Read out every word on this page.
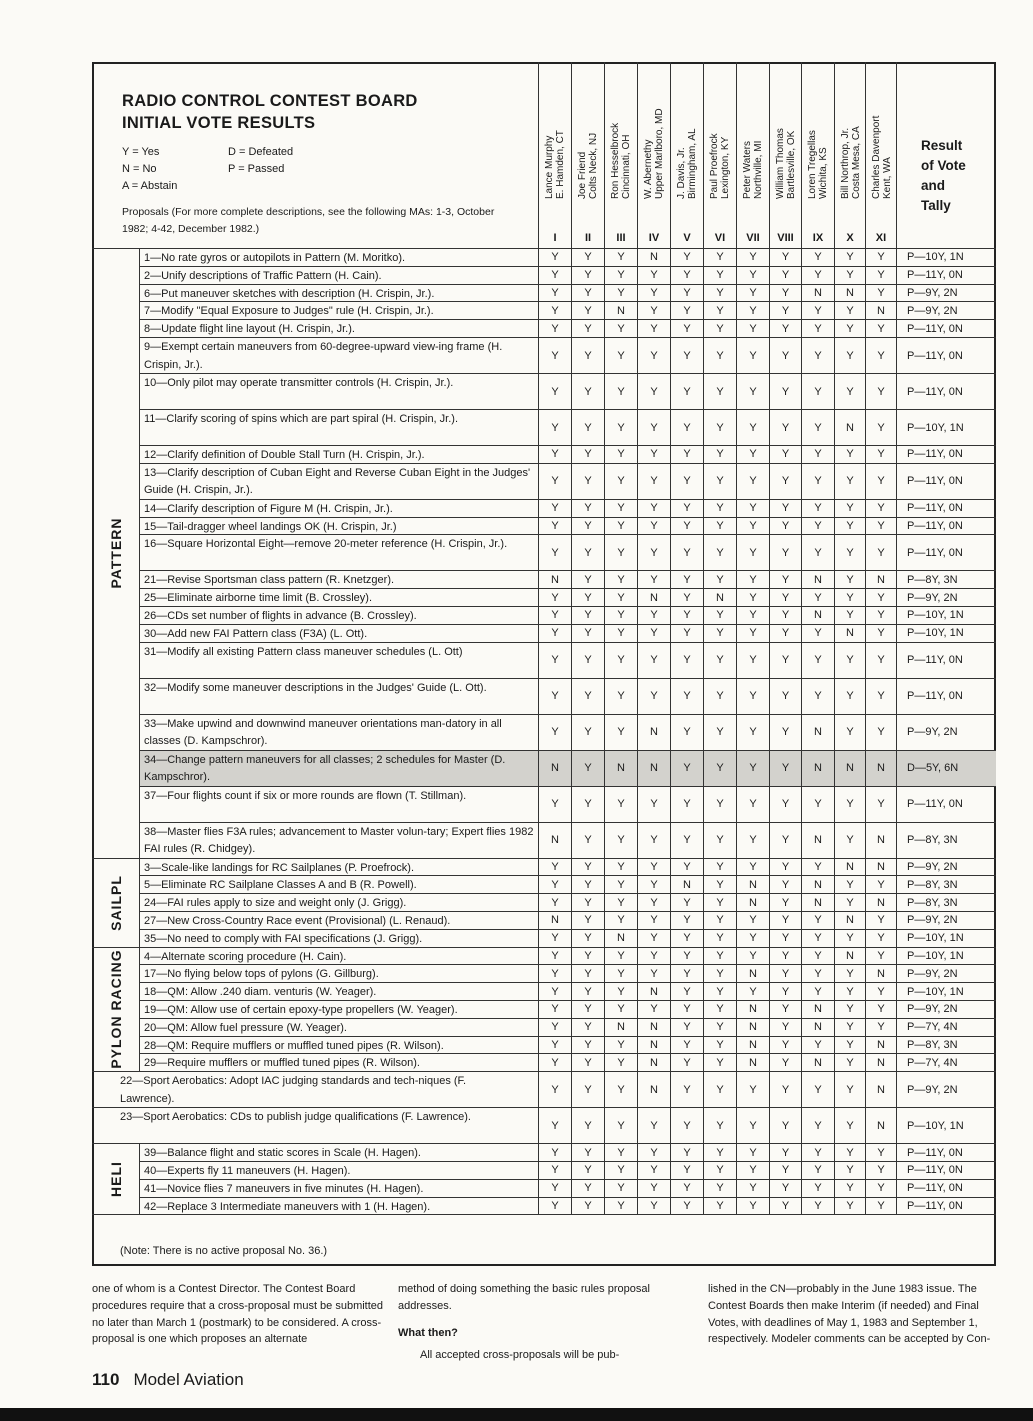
RADIO CONTROL CONTEST BOARD
INITIAL VOTE RESULTS
Y = Yes
N = No
A = Abstain
D = Defeated
P = Passed
Proposals (For more complete descriptions, see the following MAs: 1-3, October 1982; 4-42, December 1982.)
Lance Murphy
E. Hamden, CT
I
Joe Friend
Colts Neck, NJ
II
Ron Hesselbrock
Cincinnati, OH
III
W. Abernethy
Upper Marlboro, MD
IV
J. Davis, Jr.
Birmingham, AL
V
Paul Proefrock
Lexington, KY
VI
Peter Waters
Northville, MI
VII
William Thomas
Bartlesville, OK
VIII
Loren Tregellas
Wichita, KS
IX
Bill Northrop, Jr.
Costa Mesa, CA
X
Charles Davenport
Kent, WA
XI
Result
of Vote
and
Tally
1—No rate gyros or autopilots in Pattern (M. Moritko).	Y	Y	Y	N	Y	Y	Y	Y	Y	Y	Y	P—10Y, 1N
2—Unify descriptions of Traffic Pattern (H. Cain).	Y	Y	Y	Y	Y	Y	Y	Y	Y	Y	Y	P—11Y, 0N
6—Put maneuver sketches with description (H. Crispin, Jr.).	Y	Y	Y	Y	Y	Y	Y	Y	N	N	Y	P—9Y, 2N
7—Modify "Equal Exposure to Judges" rule (H. Crispin, Jr.).	Y	Y	N	Y	Y	Y	Y	Y	Y	Y	N	P—9Y, 2N
8—Update flight line layout (H. Crispin, Jr.).	Y	Y	Y	Y	Y	Y	Y	Y	Y	Y	Y	P—11Y, 0N
9—Exempt certain maneuvers from 60-degree-upward view-ing frame (H. Crispin, Jr.).
Y	Y	Y	Y	Y	Y	Y	Y	Y	Y	Y	P—11Y, 0N
10—Only pilot may operate transmitter controls (H. Crispin, Jr.).
Y	Y	Y	Y	Y	Y	Y	Y	Y	Y	Y	P—11Y, 0N
11—Clarify scoring of spins which are part spiral (H. Crispin, Jr.).
Y	Y	Y	Y	Y	Y	Y	Y	Y	N	Y	P—10Y, 1N
12—Clarify definition of Double Stall Turn (H. Crispin, Jr.).	Y	Y	Y	Y	Y	Y	Y	Y	Y	Y	Y	P—11Y, 0N
13—Clarify description of Cuban Eight and Reverse Cuban Eight in the Judges' Guide (H. Crispin, Jr.).
Y	Y	Y	Y	Y	Y	Y	Y	Y	Y	Y	P—11Y, 0N
14—Clarify description of Figure M (H. Crispin, Jr.).	Y	Y	Y	Y	Y	Y	Y	Y	Y	Y	Y	P—11Y, 0N
15—Tail-dragger wheel landings OK (H. Crispin, Jr.)	Y	Y	Y	Y	Y	Y	Y	Y	Y	Y	Y	P—11Y, 0N
16—Square Horizontal Eight—remove 20-meter reference (H. Crispin, Jr.).
Y	Y	Y	Y	Y	Y	Y	Y	Y	Y	Y	P—11Y, 0N
21—Revise Sportsman class pattern (R. Knetzger).	N	Y	Y	Y	Y	Y	Y	Y	N	Y	N	P—8Y, 3N
25—Eliminate airborne time limit (B. Crossley).	Y	Y	Y	N	Y	N	Y	Y	Y	Y	Y	P—9Y, 2N
26—CDs set number of flights in advance (B. Crossley).	Y	Y	Y	Y	Y	Y	Y	Y	N	Y	Y	P—10Y, 1N
30—Add new FAI Pattern class (F3A) (L. Ott).	Y	Y	Y	Y	Y	Y	Y	Y	Y	N	Y	P—10Y, 1N
31—Modify all existing Pattern class maneuver schedules (L. Ott)
Y	Y	Y	Y	Y	Y	Y	Y	Y	Y	Y	P—11Y, 0N
32—Modify some maneuver descriptions in the Judges' Guide (L. Ott).
Y	Y	Y	Y	Y	Y	Y	Y	Y	Y	Y	P—11Y, 0N
33—Make upwind and downwind maneuver orientations man-datory in all classes (D. Kampschror).
Y	Y	Y	N	Y	Y	Y	Y	N	Y	Y	P—9Y, 2N
34—Change pattern maneuvers for all classes; 2 schedules for Master (D. Kampschror).
N	Y	N	N	Y	Y	Y	Y	N	N	N	D—5Y, 6N
37—Four flights count if six or more rounds are flown (T. Stillman).
Y	Y	Y	Y	Y	Y	Y	Y	Y	Y	Y	P—11Y, 0N
38—Master flies F3A rules; advancement to Master volun-tary; Expert flies 1982 FAI rules (R. Chidgey).
N	Y	Y	Y	Y	Y	Y	Y	N	Y	N	P—8Y, 3N
PATTERN
3—Scale-like landings for RC Sailplanes (P. Proefrock).	Y	Y	Y	Y	Y	Y	Y	Y	Y	N	N	P—9Y, 2N
5—Eliminate RC Sailplane Classes A and B (R. Powell).	Y	Y	Y	Y	N	Y	N	Y	N	Y	Y	P—8Y, 3N
24—FAI rules apply to size and weight only (J. Grigg).	Y	Y	Y	Y	Y	Y	N	Y	N	Y	N	P—8Y, 3N
27—New Cross-Country Race event (Provisional) (L. Renaud).	N	Y	Y	Y	Y	Y	Y	Y	Y	N	Y	P—9Y, 2N
35—No need to comply with FAI specifications (J. Grigg).	Y	Y	N	Y	Y	Y	Y	Y	Y	Y	Y	P—10Y, 1N
SAILPL
4—Alternate scoring procedure (H. Cain).	Y	Y	Y	Y	Y	Y	Y	Y	Y	N	Y	P—10Y, 1N
17—No flying below tops of pylons (G. Gillburg).	Y	Y	Y	Y	Y	Y	N	Y	Y	Y	N	P—9Y, 2N
18—QM: Allow .240 diam. venturis (W. Yeager).	Y	Y	Y	N	Y	Y	Y	Y	Y	Y	Y	P—10Y, 1N
19—QM: Allow use of certain epoxy-type propellers (W. Yeager).	Y	Y	Y	Y	Y	Y	N	Y	N	Y	Y	P—9Y, 2N
20—QM: Allow fuel pressure (W. Yeager).	Y	Y	N	N	Y	Y	N	Y	N	Y	Y	P—7Y, 4N
28—QM: Require mufflers or muffled tuned pipes (R. Wilson).	Y	Y	Y	N	Y	Y	N	Y	Y	Y	N	P—8Y, 3N
29—Require mufflers or muffled tuned pipes (R. Wilson).	Y	Y	Y	N	Y	Y	N	Y	N	Y	N	P—7Y, 4N
PYLON RACING
22—Sport Aerobatics: Adopt IAC judging standards and tech-niques (F. Lawrence).
Y	Y	Y	N	Y	Y	Y	Y	Y	Y	N	P—9Y, 2N
23—Sport Aerobatics: CDs to publish judge qualifications (F. Lawrence).
Y	Y	Y	Y	Y	Y	Y	Y	Y	Y	N	P—10Y, 1N
39—Balance flight and static scores in Scale (H. Hagen).	Y	Y	Y	Y	Y	Y	Y	Y	Y	Y	Y	P—11Y, 0N
40—Experts fly 11 maneuvers (H. Hagen).	Y	Y	Y	Y	Y	Y	Y	Y	Y	Y	Y	P—11Y, 0N
41—Novice flies 7 maneuvers in five minutes (H. Hagen).	Y	Y	Y	Y	Y	Y	Y	Y	Y	Y	Y	P—11Y, 0N
42—Replace 3 Intermediate maneuvers with 1 (H. Hagen).	Y	Y	Y	Y	Y	Y	Y	Y	Y	Y	Y	P—11Y, 0N
HELI
(Note: There is no active proposal No. 36.)

one of whom is a Contest Director. The Contest Board procedures require that a cross-proposal must be submitted no later than March 1 (postmark) to be considered. A cross-proposal is one which proposes an alternate

method of doing something the basic rules proposal addresses.

What then?

All accepted cross-proposals will be pub-

lished in the CN—probably in the June 1983 issue. The Contest Boards then make Interim (if needed) and Final Votes, with deadlines of May 1, 1983 and September 1, respectively. Modeler comments can be accepted by Con-

110 Model Aviation
